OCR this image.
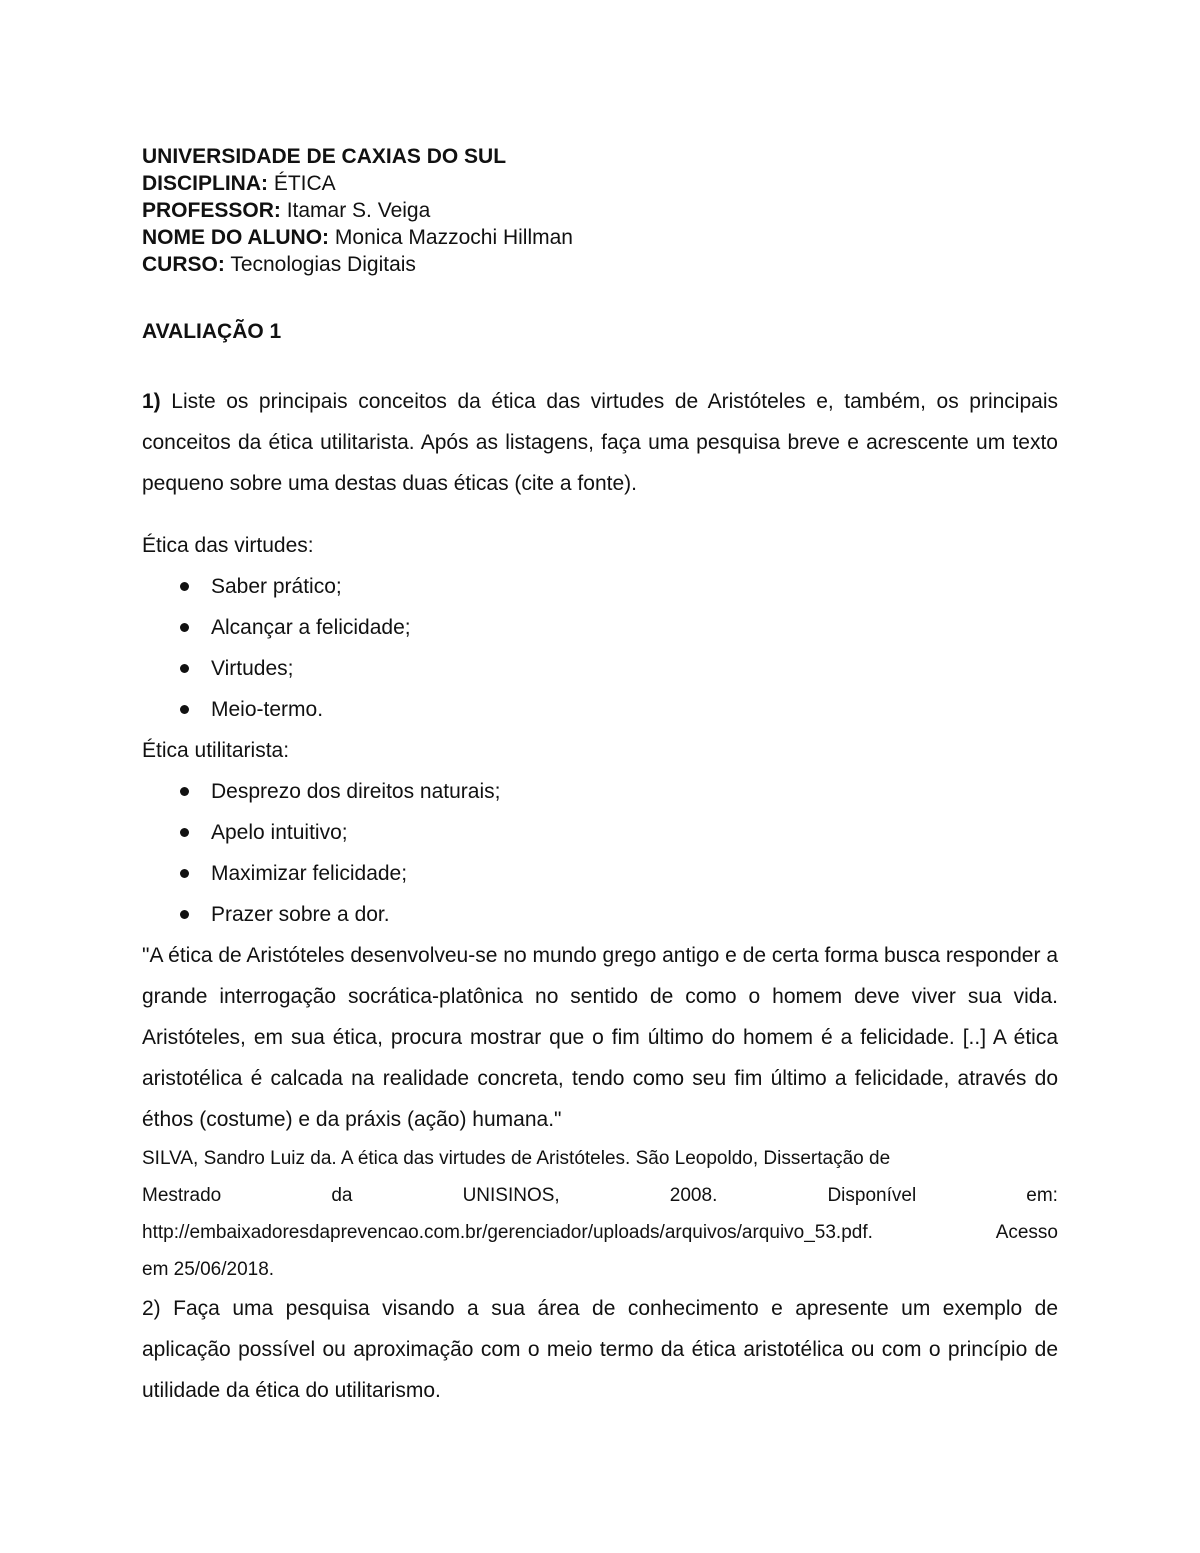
UNIVERSIDADE DE CAXIAS DO SUL

DISCIPLINA: ÉTICA

PROFESSOR: Itamar S. Veiga

NOME DO ALUNO: Monica Mazzochi Hillman

CURSO: Tecnologias Digitais

AVALIAÇÃO 1

1) Liste os principais conceitos da ética das virtudes de Aristóteles e, também, os principais conceitos da ética utilitarista. Após as listagens, faça uma pesquisa breve e acrescente um texto pequeno sobre uma destas duas éticas (cite a fonte).

Ética das virtudes:

Saber prático;
Alcançar a felicidade;
Virtudes;
Meio-termo.

Ética utilitarista:

Desprezo dos direitos naturais;
Apelo intuitivo;
Maximizar felicidade;
Prazer sobre a dor.

"A ética de Aristóteles desenvolveu-se no mundo grego antigo e de certa forma busca responder a grande interrogação socrática-platônica no sentido de como o homem deve viver sua vida. Aristóteles, em sua ética, procura mostrar que o fim último do homem é a felicidade. [..] A ética aristotélica é calcada na realidade concreta, tendo como seu fim último a felicidade, através do éthos (costume) e da práxis (ação) humana."

SILVA, Sandro Luiz da. A ética das virtudes de Aristóteles. São Leopoldo, Dissertação de
Mestrado	da	UNISINOS,	2008.	Disponível	em:
http://embaixadoresdaprevencao.com.br/gerenciador/uploads/arquivos/arquivo_53.pdf.	Acesso
em 25/06/2018.

2) Faça uma pesquisa visando a sua área de conhecimento e apresente um exemplo de aplicação possível ou aproximação com o meio termo da ética aristotélica ou com o princípio de utilidade da ética do utilitarismo.
